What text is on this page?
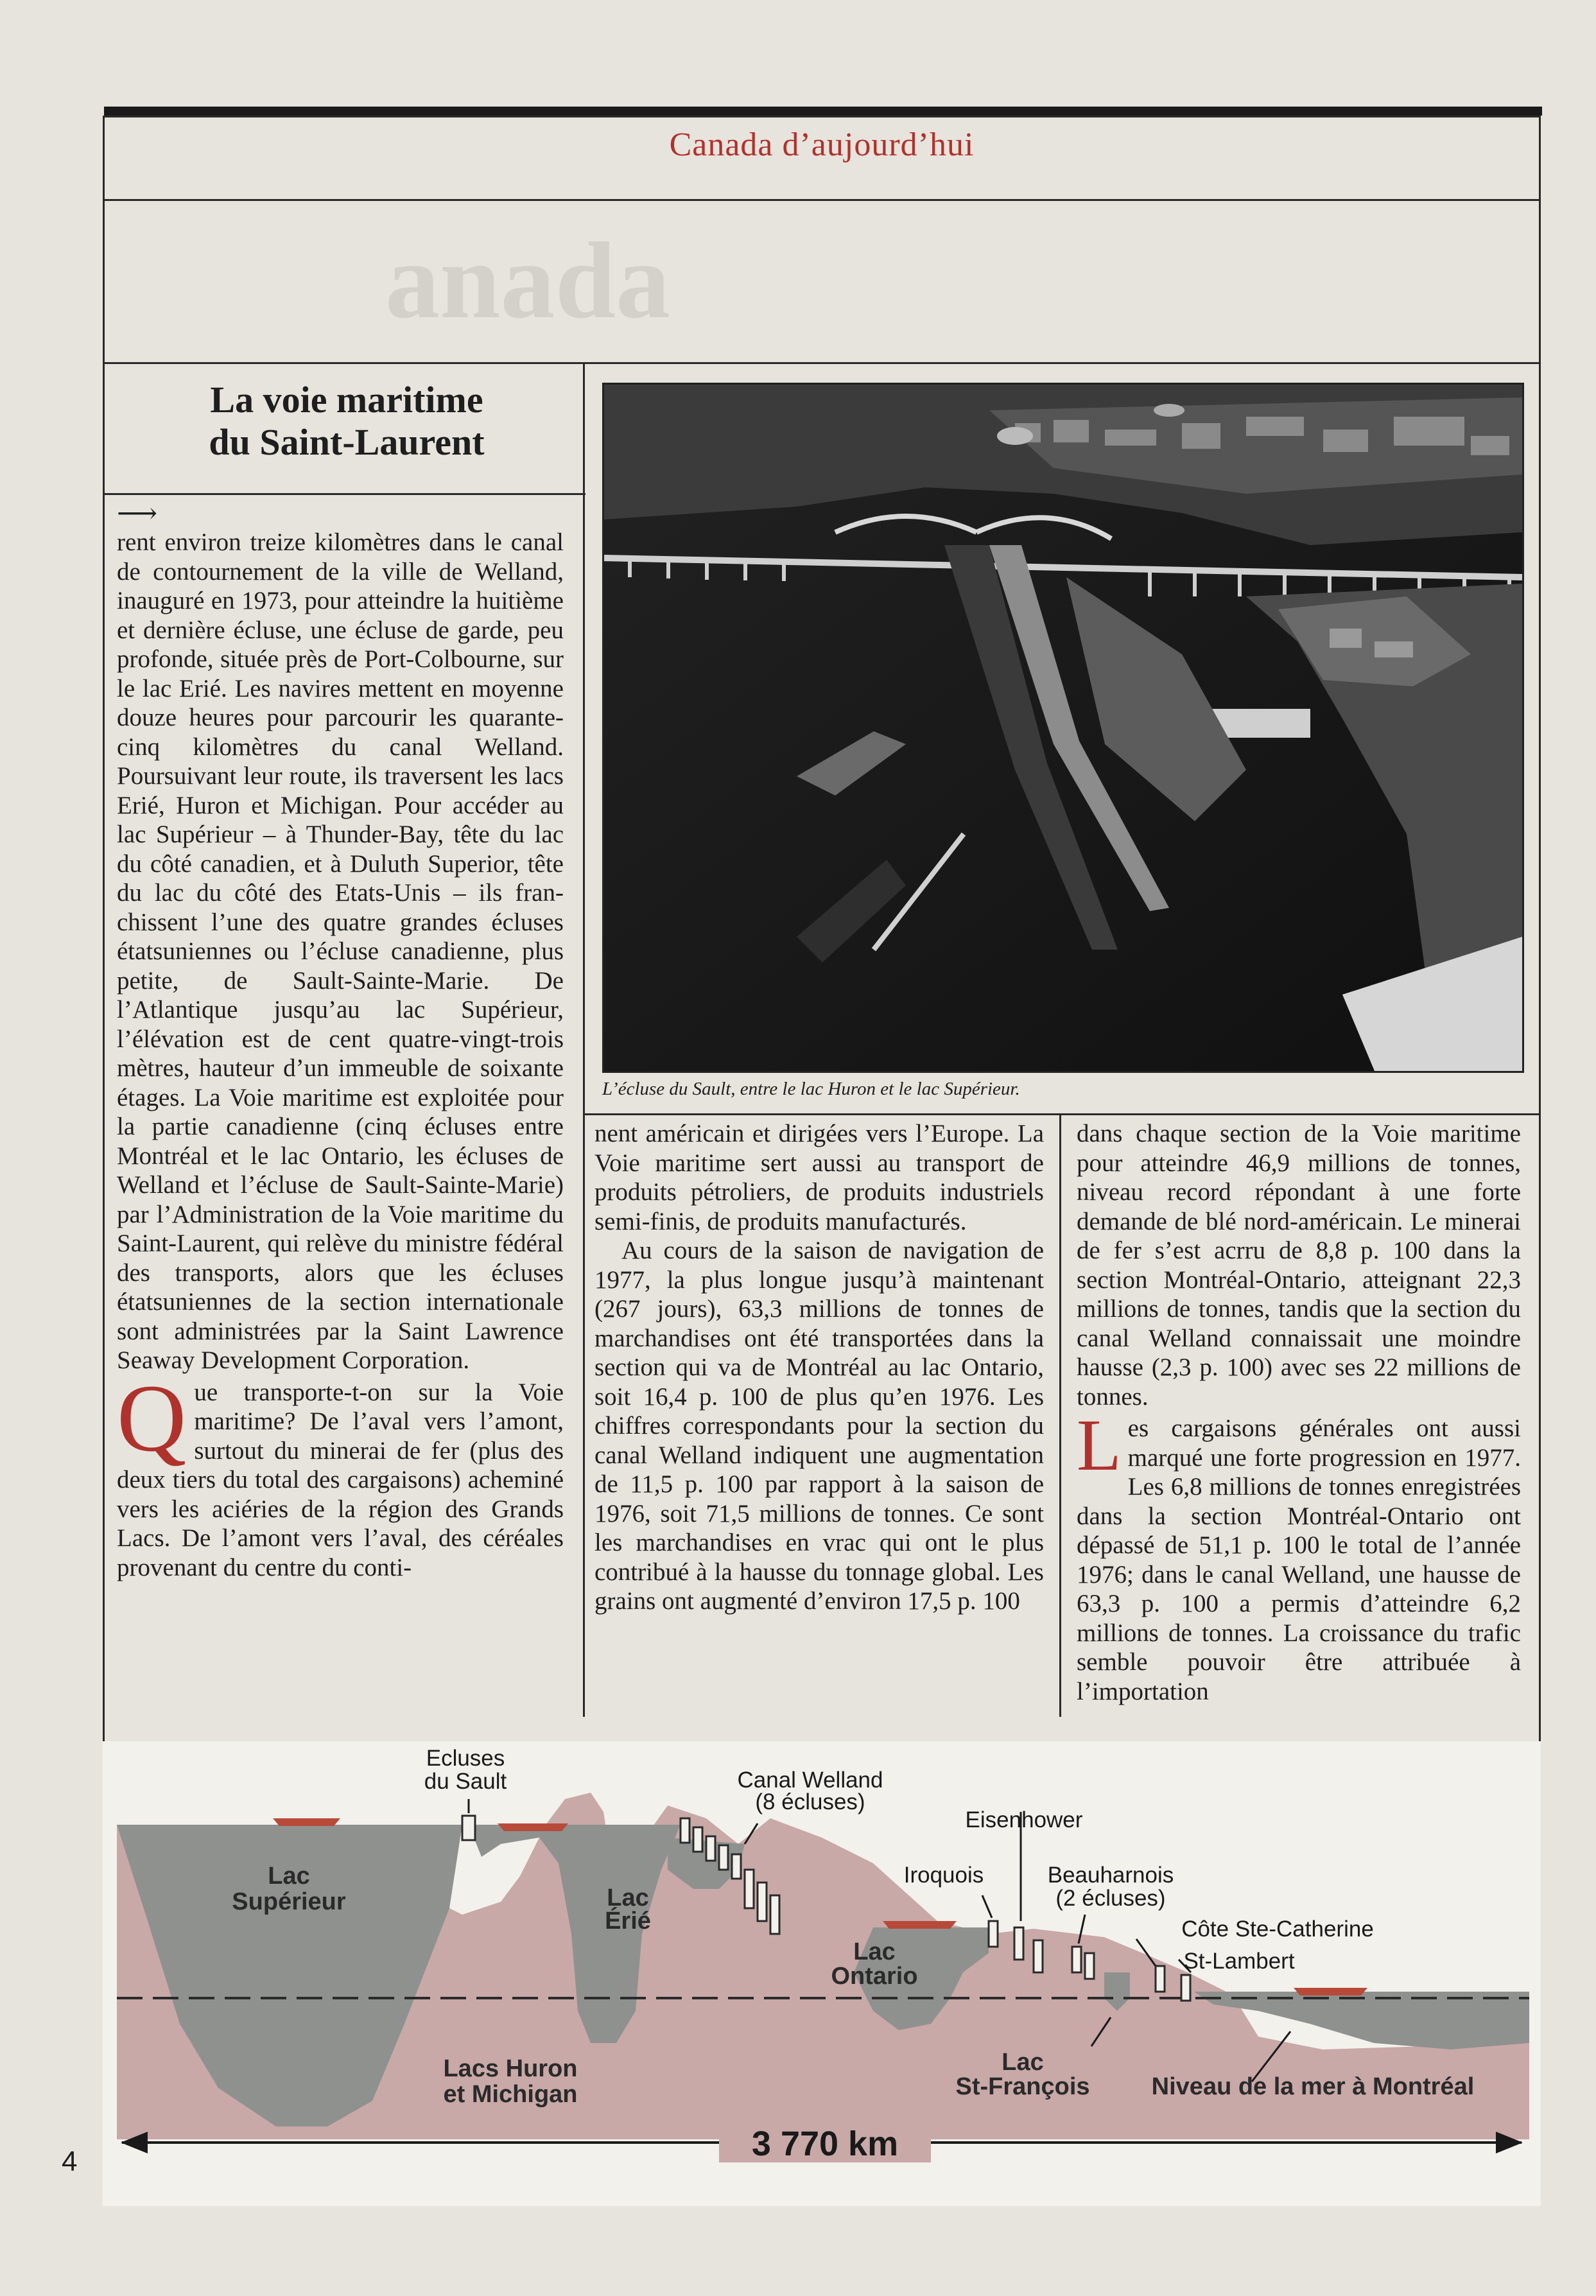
Canada d’aujourd’hui
anada
La voie maritime
du Saint-Laurent
⟶

rent environ treize kilomètres dans le canal de contournement de la ville de Welland, inauguré en 1973, pour atteindre la huitième et dernière écluse, une écluse de garde, peu profonde, située près de Port-Colbourne, sur le lac Erié. Les navires mettent en moyenne douze heures pour parcourir les quarante-cinq kilomètres du canal Welland. Poursuivant leur route, ils traversent les lacs Erié, Huron et Michigan. Pour accéder au lac Supérieur – à Thunder-Bay, tête du lac du côté canadien, et à Duluth Superior, tête du lac du côté des Etats-Unis – ils franchissent l’une des quatre grandes écluses étatsuniennes ou l’écluse canadienne, plus petite, de Sault-Sainte-Marie. De l’Atlantique jusqu’au lac Supérieur, l’élévation est de cent quatre-vingt-trois mètres, hauteur d’un immeuble de soixante étages. La Voie maritime est exploitée pour la partie canadienne (cinq écluses entre Montréal et le lac Ontario, les écluses de Welland et l’écluse de Sault-Sainte-Marie) par l’Administration de la Voie maritime du Saint-Laurent, qui relève du ministre fédéral des transports, alors que les écluses étatsuniennes de la section internationale sont administrées par la Saint Lawrence Seaway Development Corporation.

Que transporte-t-on sur la Voie maritime? De l’aval vers l’amont, surtout du minerai de fer (plus des deux tiers du total des cargaisons) acheminé vers les aciéries de la région des Grands Lacs. De l’amont vers l’aval, des céréales provenant du centre du conti-

L’écluse du Sault, entre le lac Huron et le lac Supérieur.

nent américain et dirigées vers l’Europe. La Voie maritime sert aussi au transport de produits pétroliers, de produits industriels semi-finis, de produits manufacturés.

Au cours de la saison de navigation de 1977, la plus longue jusqu’à maintenant (267 jours), 63,3 millions de tonnes de marchandises ont été transportées dans la section qui va de Montréal au lac Ontario, soit 16,4 p. 100 de plus qu’en 1976. Les chiffres correspondants pour la section du canal Welland indiquent une augmentation de 11,5 p. 100 par rapport à la saison de 1976, soit 71,5 millions de tonnes. Ce sont les marchandises en vrac qui ont le plus contribué à la hausse du tonnage global. Les grains ont augmenté d’environ 17,5 p. 100

dans chaque section de la Voie maritime pour atteindre 46,9 millions de tonnes, niveau record répondant à une forte demande de blé nord-américain. Le minerai de fer s’est acrru de 8,8 p. 100 dans la section Montréal-Ontario, atteignant 22,3 millions de tonnes, tandis que la section du canal Welland connaissait une moindre hausse (2,3 p. 100) avec ses 22 millions de tonnes.

Les cargaisons générales ont aussi marqué une forte progression en 1977. Les 6,8 millions de tonnes enregistrées dans la section Montréal-Ontario ont dépassé de 51,1 p. 100 le total de l’année 1976; dans le canal Welland, une hausse de 63,3 p. 100 a permis d’atteindre 6,2 millions de tonnes. La croissance du trafic semble pouvoir être attribuée à l’importation

Ecluses
du Sault	Canal Welland
(8 écluses)
Eisenhower
Iroquois	Beauharnois
(2 écluses)
Côte Ste-Catherine
St-Lambert
Lac
Supérieur
Lacs Huron
et Michigan
Lac
Érié
Lac
Ontario
Lac
St-François	Niveau de la mer à Montréal
3 770 km
4
